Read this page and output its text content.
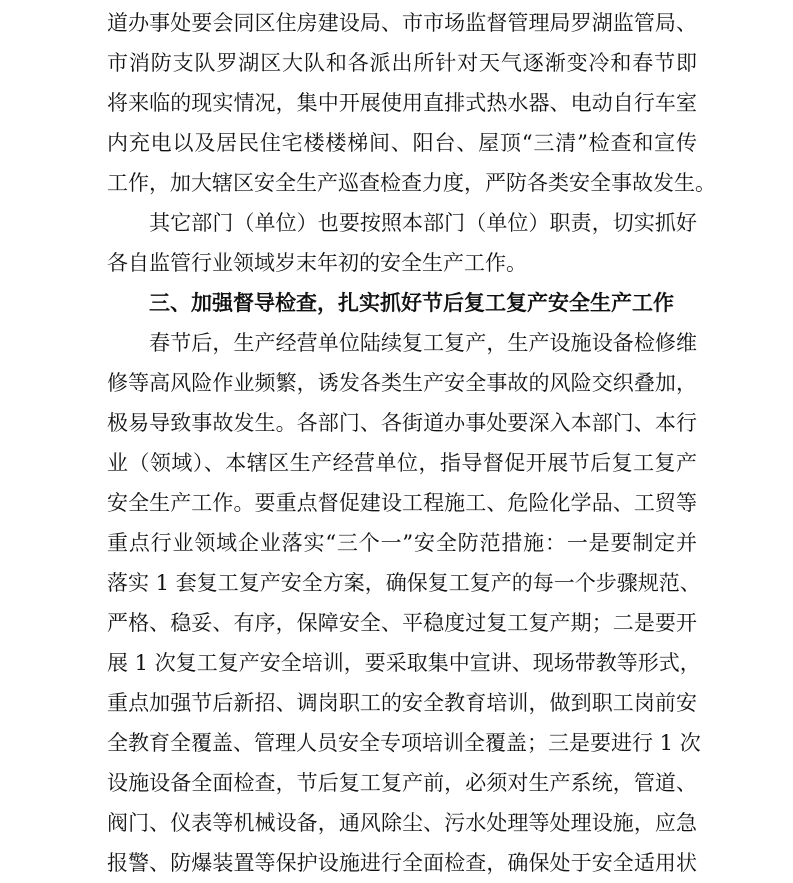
道办事处要会同区住房建设局、市市场监督管理局罗湖监管局、
市消防支队罗湖区大队和各派出所针对天气逐渐变冷和春节即
将来临的现实情况，集中开展使用直排式热水器、电动自行车室
内充电以及居民住宅楼楼梯间、阳台、屋顶“三清”检查和宣传
工作，加大辖区安全生产巡查检查力度，严防各类安全事故发生。
　　其它部门（单位）也要按照本部门（单位）职责，切实抓好
各自监管行业领域岁末年初的安全生产工作。
　　三、加强督导检查，扎实抓好节后复工复产安全生产工作
　　春节后，生产经营单位陆续复工复产，生产设施设备检修维
修等高风险作业频繁，诱发各类生产安全事故的风险交织叠加，
极易导致事故发生。各部门、各街道办事处要深入本部门、本行
业（领域）、本辖区生产经营单位，指导督促开展节后复工复产
安全生产工作。要重点督促建设工程施工、危险化学品、工贸等
重点行业领域企业落实“三个一”安全防范措施：一是要制定并
落实 1 套复工复产安全方案，确保复工复产的每一个步骤规范、
严格、稳妥、有序，保障安全、平稳度过复工复产期；二是要开
展 1 次复工复产安全培训，要采取集中宣讲、现场带教等形式，
重点加强节后新招、调岗职工的安全教育培训，做到职工岗前安
全教育全覆盖、管理人员安全专项培训全覆盖；三是要进行 1 次
设施设备全面检查，节后复工复产前，必须对生产系统，管道、
阀门、仪表等机械设备，通风除尘、污水处理等处理设施，应急
报警、防爆装置等保护设施进行全面检查，确保处于安全适用状
